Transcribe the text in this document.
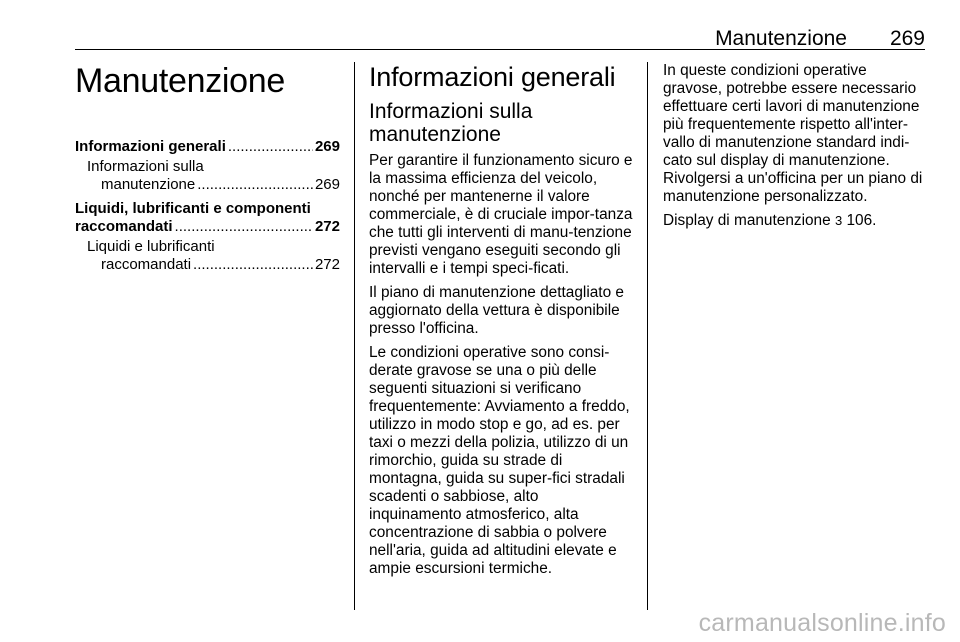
Manutenzione 269
Manutenzione
Informazioni generali .....	269
Informazioni sulla
manutenzione .....	269
Liquidi, lubrificanti e componenti
raccomandati .....	272
Liquidi e lubrificanti
raccomandati .....	272
Informazioni generali
Informazioni sulla manutenzione

Per garantire il funzionamento sicuro e la massima efficienza del veicolo, nonché per mantenerne il valore commerciale, è di cruciale impor-tanza che tutti gli interventi di manu-tenzione previsti vengano eseguiti secondo gli intervalli e i tempi speci-ficati.

Il piano di manutenzione dettagliato e aggiornato della vettura è disponibile presso l'officina.

Le condizioni operative sono consi-derate gravose se una o più delle seguenti situazioni si verificano frequentemente: Avviamento a freddo, utilizzo in modo stop e go, ad es. per taxi o mezzi della polizia, utilizzo di un rimorchio, guida su strade di montagna, guida su super-fici stradali scadenti o sabbiose, alto inquinamento atmosferico, alta concentrazione di sabbia o polvere nell'aria, guida ad altitudini elevate e ampie escursioni termiche.

In queste condizioni operative gravose, potrebbe essere necessario effettuare certi lavori di manutenzione più frequentemente rispetto all'inter-vallo di manutenzione standard indi-cato sul display di manutenzione. Rivolgersi a un'officina per un piano di manutenzione personalizzato.

Display di manutenzione 3 106.

carmanualsonline.info
